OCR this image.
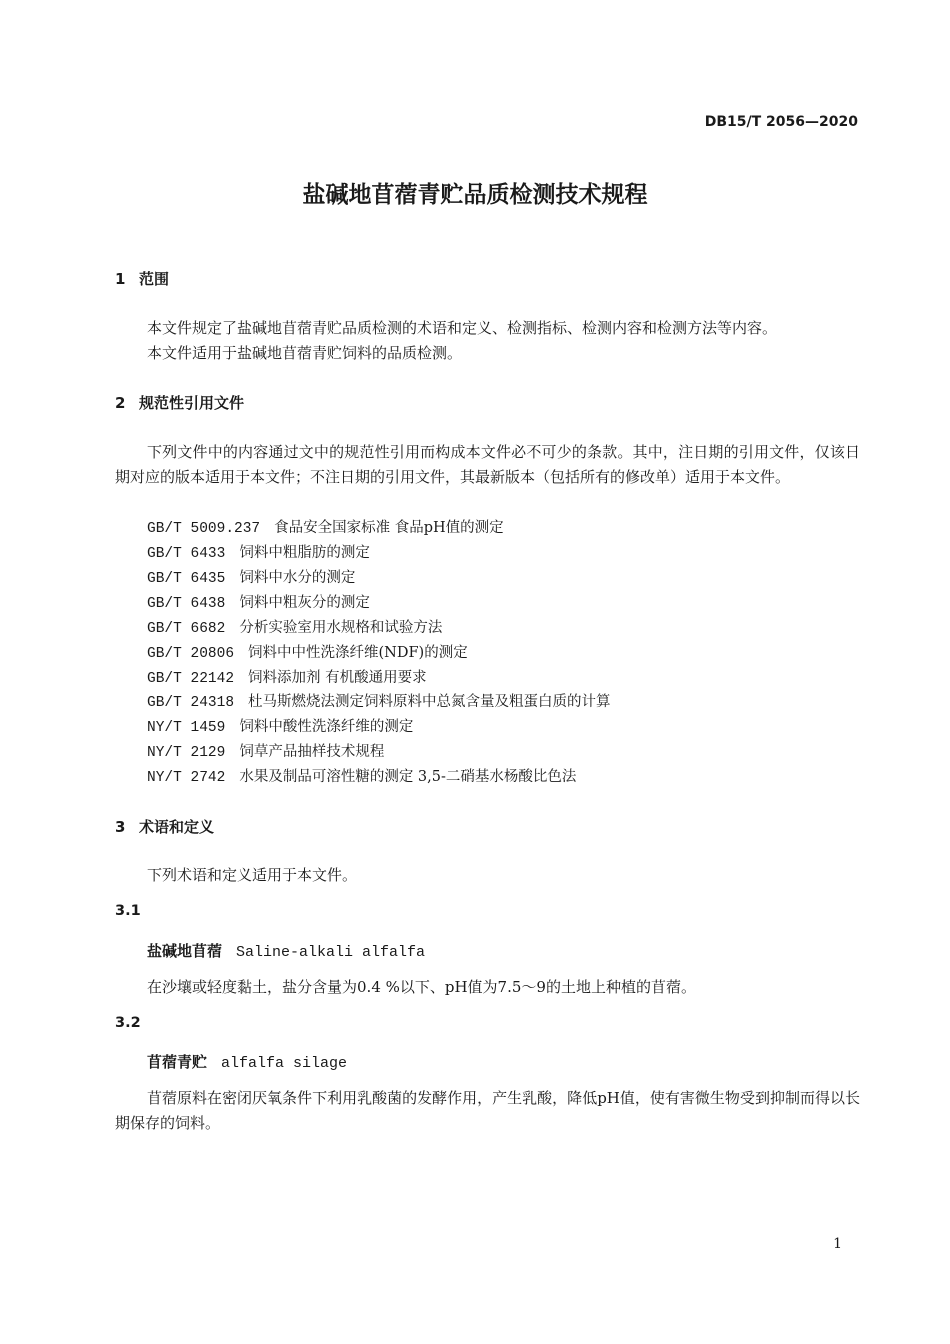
DB15/T 2056—2020
盐碱地苜蓿青贮品质检测技术规程
1 范围
本文件规定了盐碱地苜蓿青贮品质检测的术语和定义、检测指标、检测内容和检测方法等内容。
本文件适用于盐碱地苜蓿青贮饲料的品质检测。
2 规范性引用文件
下列文件中的内容通过文中的规范性引用而构成本文件必不可少的条款。其中，注日期的引用文件，仅该日期对应的版本适用于本文件；不注日期的引用文件，其最新版本（包括所有的修改单）适用于本文件。
GB/T 5009.237 食品安全国家标准 食品pH值的测定
GB/T 6433 饲料中粗脂肪的测定
GB/T 6435 饲料中水分的测定
GB/T 6438 饲料中粗灰分的测定
GB/T 6682 分析实验室用水规格和试验方法
GB/T 20806 饲料中中性洗涤纤维(NDF)的测定
GB/T 22142 饲料添加剂 有机酸通用要求
GB/T 24318 杜马斯燃烧法测定饲料原料中总氮含量及粗蛋白质的计算
NY/T 1459 饲料中酸性洗涤纤维的测定
NY/T 2129 饲草产品抽样技术规程
NY/T 2742 水果及制品可溶性糖的测定 3,5-二硝基水杨酸比色法
3 术语和定义
下列术语和定义适用于本文件。
3.1
盐碱地苜蓿 Saline-alkali alfalfa
在沙壤或轻度黏土，盐分含量为0.4 %以下、pH值为7.5～9的土地上种植的苜蓿。
3.2
苜蓿青贮 alfalfa silage
苜蓿原料在密闭厌氧条件下利用乳酸菌的发酵作用，产生乳酸，降低pH值，使有害微生物受到抑制而得以长期保存的饲料。
1
